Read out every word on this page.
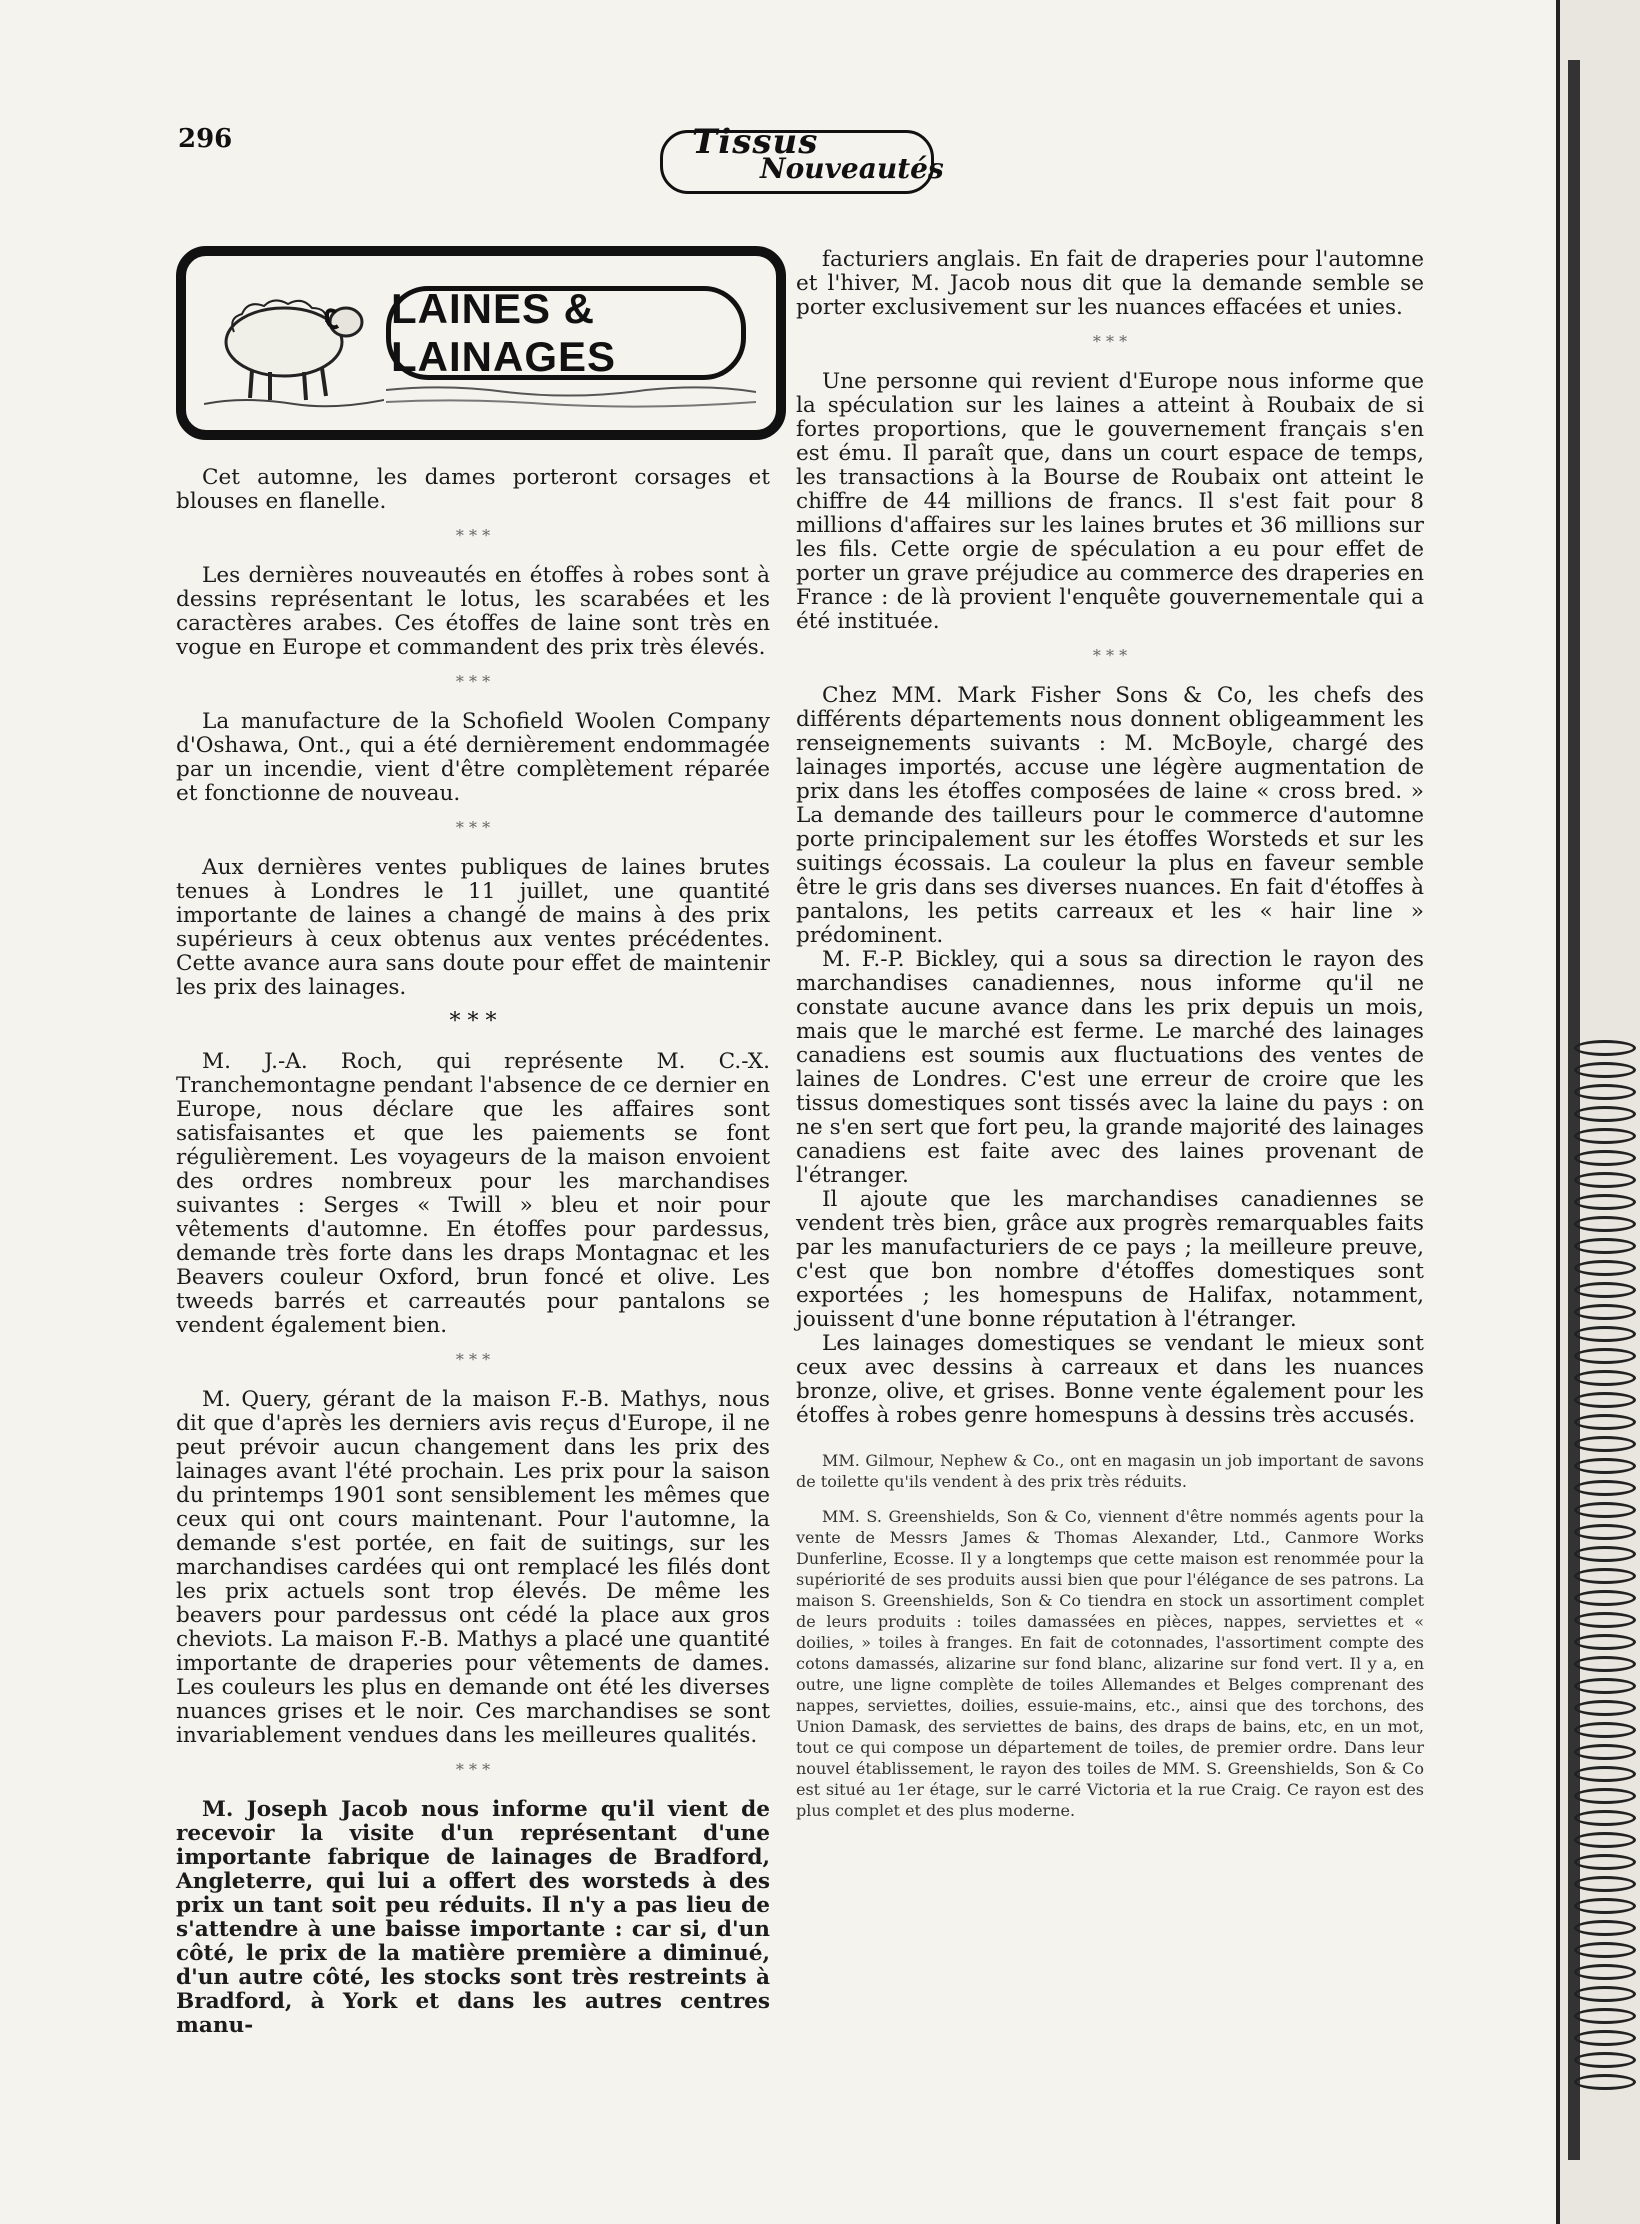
296	Tissus
Nouveautés
LAINES & LAINAGES

Cet automne, les dames porteront corsages et blouses en flanelle.

* * *

Les dernières nouveautés en étoffes à robes sont à dessins représentant le lotus, les scarabées et les caractères arabes. Ces étoffes de laine sont très en vogue en Europe et commandent des prix très élevés.

* * *

La manufacture de la Schofield Woolen Company d'Oshawa, Ont., qui a été dernièrement endommagée par un incendie, vient d'être complètement réparée et fonctionne de nouveau.

* * *

Aux dernières ventes publiques de laines brutes tenues à Londres le 11 juillet, une quantité importante de laines a changé de mains à des prix supérieurs à ceux obtenus aux ventes précédentes. Cette avance aura sans doute pour effet de maintenir les prix des lainages.

* * *

M. J.-A. Roch, qui représente M. C.-X. Tranchemontagne pendant l'absence de ce dernier en Europe, nous déclare que les affaires sont satisfaisantes et que les paiements se font régulièrement. Les voyageurs de la maison envoient des ordres nombreux pour les marchandises suivantes : Serges « Twill » bleu et noir pour vêtements d'automne. En étoffes pour pardessus, demande très forte dans les draps Montagnac et les Beavers couleur Oxford, brun foncé et olive. Les tweeds barrés et carreautés pour pantalons se vendent également bien.

* * *

M. Query, gérant de la maison F.-B. Mathys, nous dit que d'après les derniers avis reçus d'Europe, il ne peut prévoir aucun changement dans les prix des lainages avant l'été prochain. Les prix pour la saison du printemps 1901 sont sensiblement les mêmes que ceux qui ont cours maintenant. Pour l'automne, la demande s'est portée, en fait de suitings, sur les marchandises cardées qui ont remplacé les filés dont les prix actuels sont trop élevés. De même les beavers pour pardessus ont cédé la place aux gros cheviots. La maison F.-B. Mathys a placé une quantité importante de draperies pour vêtements de dames. Les couleurs les plus en demande ont été les diverses nuances grises et le noir. Ces marchandises se sont invariablement vendues dans les meilleures qualités.

* * *

M. Joseph Jacob nous informe qu'il vient de recevoir la visite d'un représentant d'une importante fabrique de lainages de Bradford, Angleterre, qui lui a offert des worsteds à des prix un tant soit peu réduits. Il n'y a pas lieu de s'attendre à une baisse importante : car si, d'un côté, le prix de la matière première a diminué, d'un autre côté, les stocks sont très restreints à Bradford, à York et dans les autres centres manu-

facturiers anglais. En fait de draperies pour l'automne et l'hiver, M. Jacob nous dit que la demande semble se porter exclusivement sur les nuances effacées et unies.

* * *

Une personne qui revient d'Europe nous informe que la spéculation sur les laines a atteint à Roubaix de si fortes proportions, que le gouvernement français s'en est ému. Il paraît que, dans un court espace de temps, les transactions à la Bourse de Roubaix ont atteint le chiffre de 44 millions de francs. Il s'est fait pour 8 millions d'affaires sur les laines brutes et 36 millions sur les fils. Cette orgie de spéculation a eu pour effet de porter un grave préjudice au commerce des draperies en France : de là provient l'enquête gouvernementale qui a été instituée.

* * *

Chez MM. Mark Fisher Sons & Co, les chefs des différents départements nous donnent obligeamment les renseignements suivants : M. McBoyle, chargé des lainages importés, accuse une légère augmentation de prix dans les étoffes composées de laine « cross bred. » La demande des tailleurs pour le commerce d'automne porte principalement sur les étoffes Worsteds et sur les suitings écossais. La couleur la plus en faveur semble être le gris dans ses diverses nuances. En fait d'étoffes à pantalons, les petits carreaux et les « hair line » prédominent.

M. F.-P. Bickley, qui a sous sa direction le rayon des marchandises canadiennes, nous informe qu'il ne constate aucune avance dans les prix depuis un mois, mais que le marché est ferme. Le marché des lainages canadiens est soumis aux fluctuations des ventes de laines de Londres. C'est une erreur de croire que les tissus domestiques sont tissés avec la laine du pays : on ne s'en sert que fort peu, la grande majorité des lainages canadiens est faite avec des laines provenant de l'étranger.

Il ajoute que les marchandises canadiennes se vendent très bien, grâce aux progrès remarquables faits par les manufacturiers de ce pays ; la meilleure preuve, c'est que bon nombre d'étoffes domestiques sont exportées ; les homespuns de Halifax, notamment, jouissent d'une bonne réputation à l'étranger.

Les lainages domestiques se vendant le mieux sont ceux avec dessins à carreaux et dans les nuances bronze, olive, et grises. Bonne vente également pour les étoffes à robes genre homespuns à dessins très accusés.

MM. Gilmour, Nephew & Co., ont en magasin un job important de savons de toilette qu'ils vendent à des prix très réduits.

MM. S. Greenshields, Son & Co, viennent d'être nommés agents pour la vente de Messrs James & Thomas Alexander, Ltd., Canmore Works Dunferline, Ecosse. Il y a longtemps que cette maison est renommée pour la supériorité de ses produits aussi bien que pour l'élégance de ses patrons. La maison S. Greenshields, Son & Co tiendra en stock un assortiment complet de leurs produits : toiles damassées en pièces, nappes, serviettes et « doilies, » toiles à franges. En fait de cotonnades, l'assortiment compte des cotons damassés, alizarine sur fond blanc, alizarine sur fond vert. Il y a, en outre, une ligne complète de toiles Allemandes et Belges comprenant des nappes, serviettes, doilies, essuie-mains, etc., ainsi que des torchons, des Union Damask, des serviettes de bains, des draps de bains, etc, en un mot, tout ce qui compose un département de toiles, de premier ordre. Dans leur nouvel établissement, le rayon des toiles de MM. S. Greenshields, Son & Co est situé au 1er étage, sur le carré Victoria et la rue Craig. Ce rayon est des plus complet et des plus moderne.
